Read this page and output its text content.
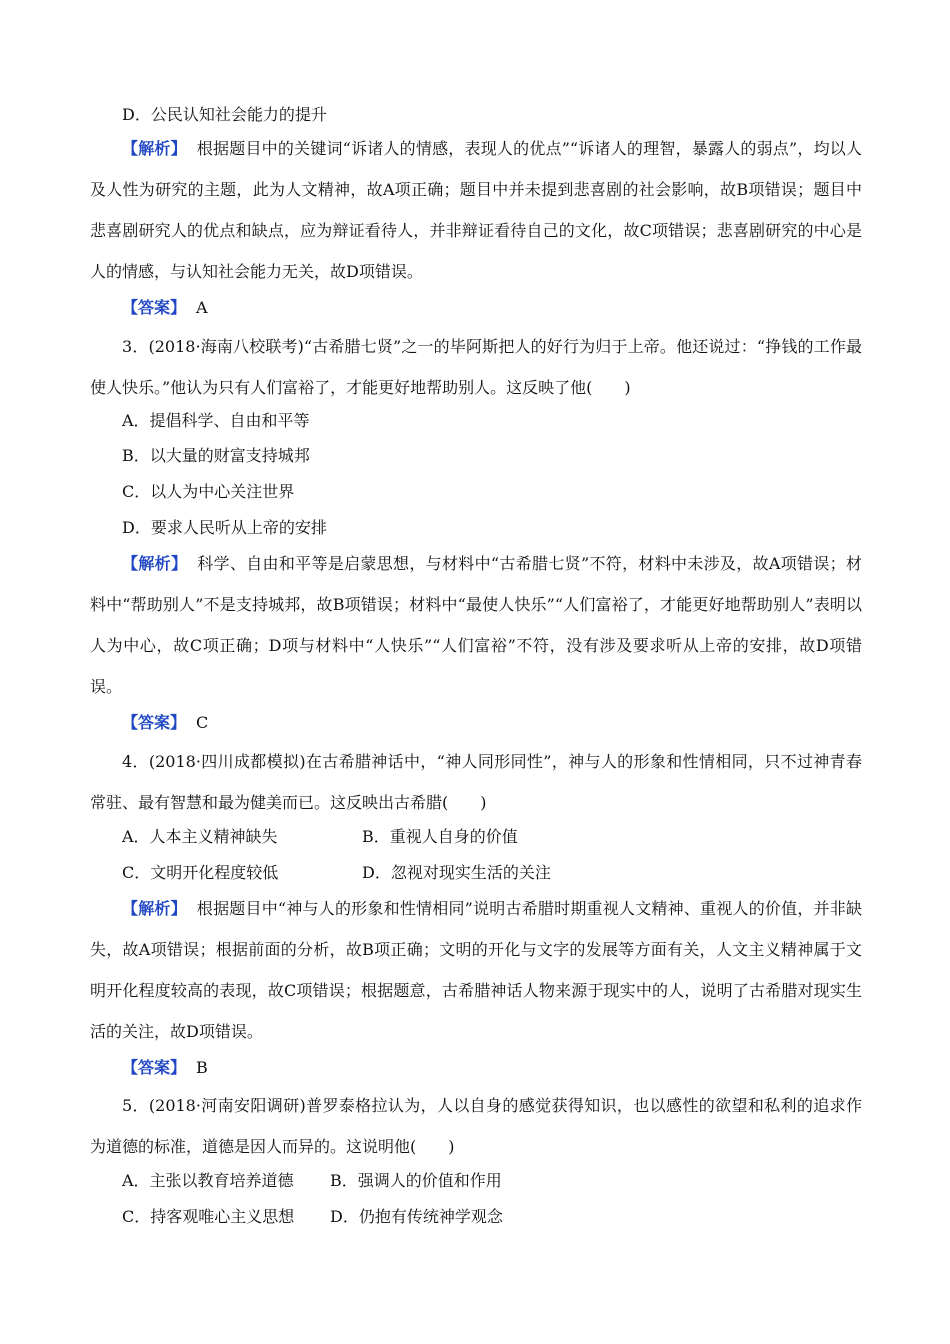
D．公民认知社会能力的提升
【解析】 根据题目中的关键词“诉诸人的情感，表现人的优点”“诉诸人的理智，暴露人的弱点”，均以人及人性为研究的主题，此为人文精神，故A项正确；题目中并未提到悲喜剧的社会影响，故B项错误；题目中悲喜剧研究人的优点和缺点，应为辩证看待人，并非辩证看待自己的文化，故C项错误；悲喜剧研究的中心是人的情感，与认知社会能力无关，故D项错误。
【答案】 A
3．(2018·海南八校联考)“古希腊七贤”之一的毕阿斯把人的好行为归于上帝。他还说过：“挣钱的工作最使人快乐。”他认为只有人们富裕了，才能更好地帮助别人。这反映了他(　　)
A．提倡科学、自由和平等
B．以大量的财富支持城邦
C．以人为中心关注世界
D．要求人民听从上帝的安排
【解析】 科学、自由和平等是启蒙思想，与材料中“古希腊七贤”不符，材料中未涉及，故A项错误；材料中“帮助别人”不是支持城邦，故B项错误；材料中“最使人快乐”“人们富裕了，才能更好地帮助别人”表明以人为中心，故C项正确；D项与材料中“人快乐”“人们富裕”不符，没有涉及要求听从上帝的安排，故D项错误。
【答案】 C
4．(2018·四川成都模拟)在古希腊神话中，“神人同形同性”，神与人的形象和性情相同，只不过神青春常驻、最有智慧和最为健美而已。这反映出古希腊(　　)
A．人本主义精神缺失	B．重视人自身的价值
C．文明开化程度较低	D．忽视对现实生活的关注
【解析】 根据题目中“神与人的形象和性情相同”说明古希腊时期重视人文精神、重视人的价值，并非缺失，故A项错误；根据前面的分析，故B项正确；文明的开化与文字的发展等方面有关，人文主义精神属于文明开化程度较高的表现，故C项错误；根据题意，古希腊神话人物来源于现实中的人，说明了古希腊对现实生活的关注，故D项错误。
【答案】 B
5．(2018·河南安阳调研)普罗泰格拉认为，人以自身的感觉获得知识，也以感性的欲望和私利的追求作为道德的标准，道德是因人而异的。这说明他(　　)
A．主张以教育培养道德 B．强调人的价值和作用
C．持客观唯心主义思想 D．仍抱有传统神学观念
